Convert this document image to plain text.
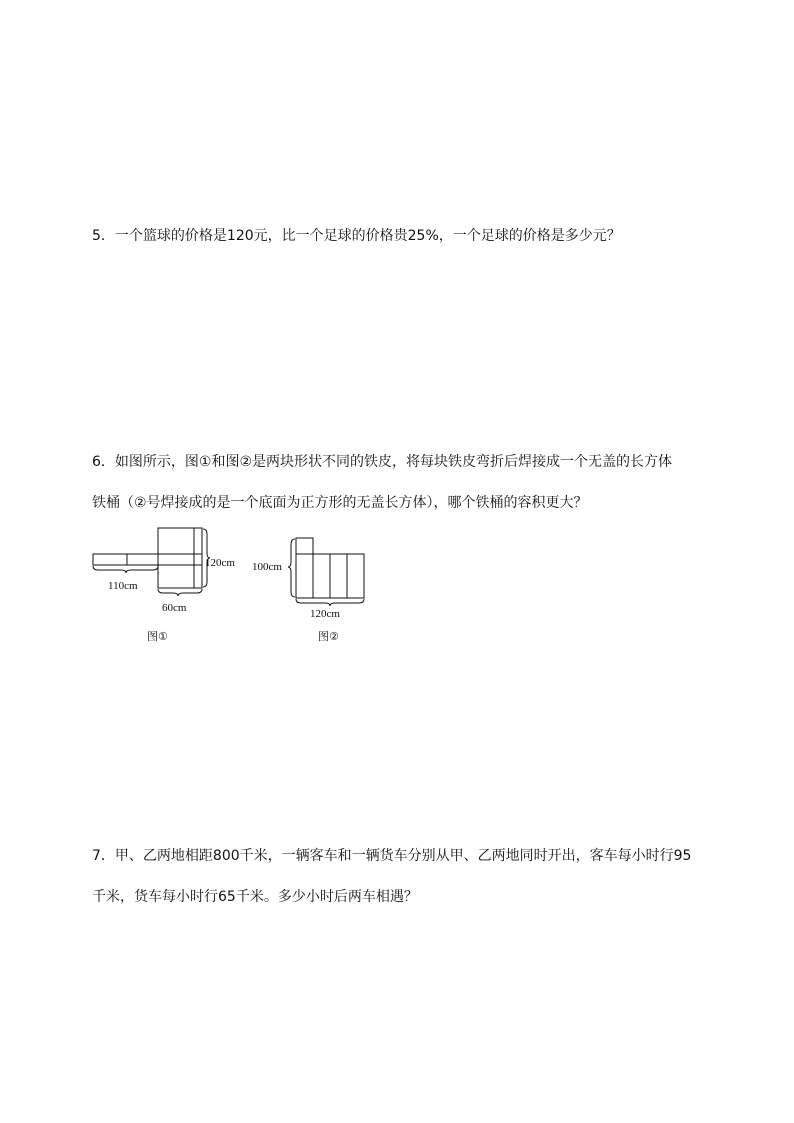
5．一个篮球的价格是120元，比一个足球的价格贵25%，一个足球的价格是多少元？
6．如图所示，图①和图②是两块形状不同的铁皮，将每块铁皮弯折后焊接成一个无盖的长方体
铁桶（②号焊接成的是一个底面为正方形的无盖长方体），哪个铁桶的容积更大？
120cm
110cm
60cm
图①
100cm
120cm
图②
7．甲、乙两地相距800千米，一辆客车和一辆货车分别从甲、乙两地同时开出，客车每小时行95
千米，货车每小时行65千米。多少小时后两车相遇？
